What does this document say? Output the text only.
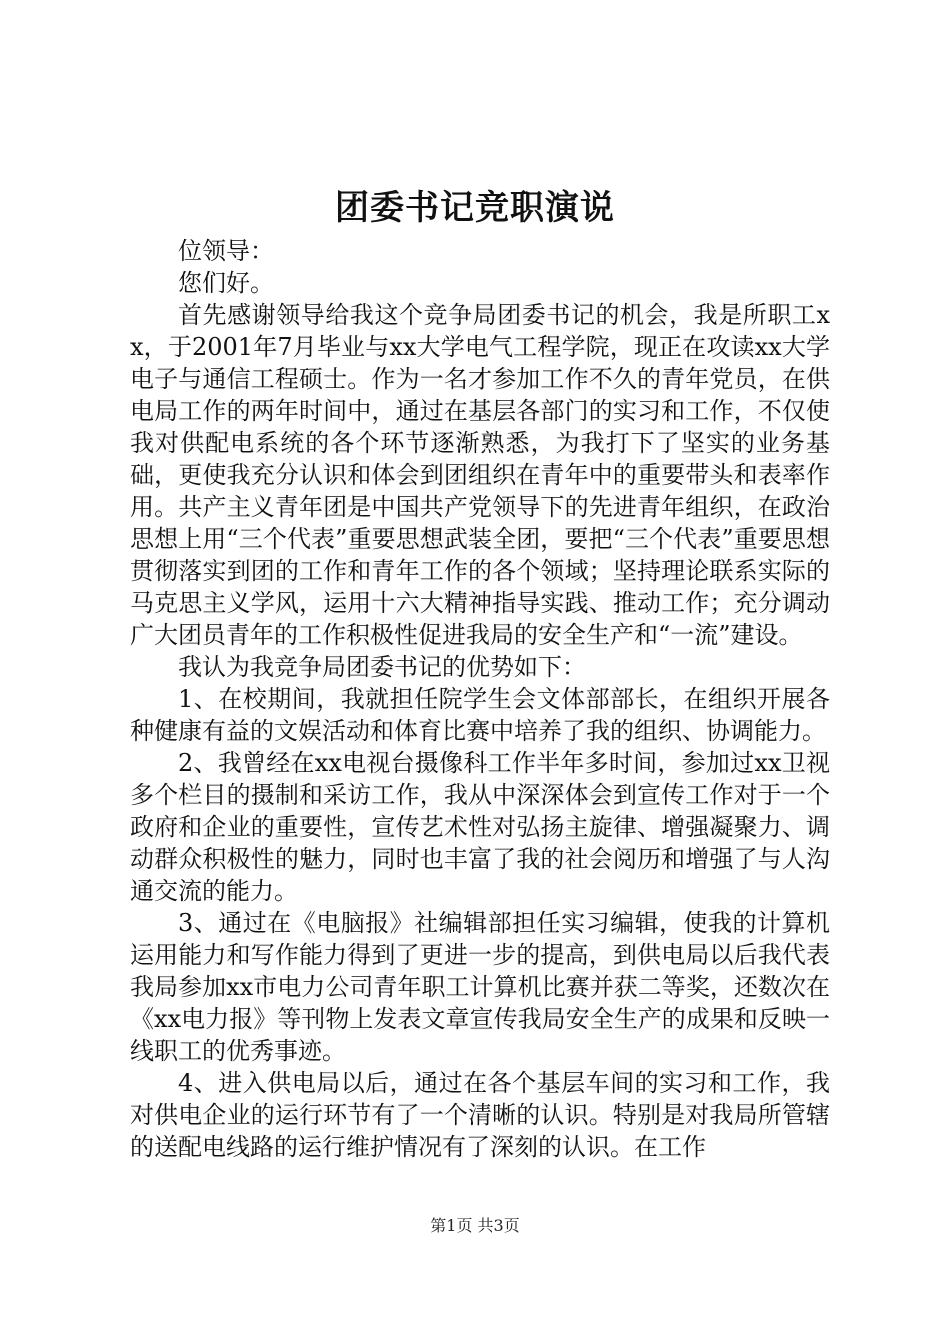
团委书记竞职演说

位领导：

您们好。

首先感谢领导给我这个竞争局团委书记的机会，我是所职工xx，于2001年7月毕业与xx大学电气工程学院，现正在攻读xx大学电子与通信工程硕士。作为一名才参加工作不久的青年党员，在供电局工作的两年时间中，通过在基层各部门的实习和工作，不仅使我对供配电系统的各个环节逐渐熟悉，为我打下了坚实的业务基础，更使我充分认识和体会到团组织在青年中的重要带头和表率作用。共产主义青年团是中国共产党领导下的先进青年组织，在政治思想上用“三个代表”重要思想武装全团，要把“三个代表”重要思想贯彻落实到团的工作和青年工作的各个领域；坚持理论联系实际的马克思主义学风，运用十六大精神指导实践、推动工作；充分调动广大团员青年的工作积极性促进我局的安全生产和“一流”建设。

我认为我竞争局团委书记的优势如下：

1、在校期间，我就担任院学生会文体部部长，在组织开展各种健康有益的文娱活动和体育比赛中培养了我的组织、协调能力。

2、我曾经在xx电视台摄像科工作半年多时间，参加过xx卫视多个栏目的摄制和采访工作，我从中深深体会到宣传工作对于一个政府和企业的重要性，宣传艺术性对弘扬主旋律、增强凝聚力、调动群众积极性的魅力，同时也丰富了我的社会阅历和增强了与人沟通交流的能力。

3、通过在《电脑报》社编辑部担任实习编辑，使我的计算机运用能力和写作能力得到了更进一步的提高，到供电局以后我代表我局参加xx市电力公司青年职工计算机比赛并获二等奖，还数次在《xx电力报》等刊物上发表文章宣传我局安全生产的成果和反映一线职工的优秀事迹。

4、进入供电局以后，通过在各个基层车间的实习和工作，我对供电企业的运行环节有了一个清晰的认识。特别是对我局所管辖的送配电线路的运行维护情况有了深刻的认识。在工作

第1页 共3页
